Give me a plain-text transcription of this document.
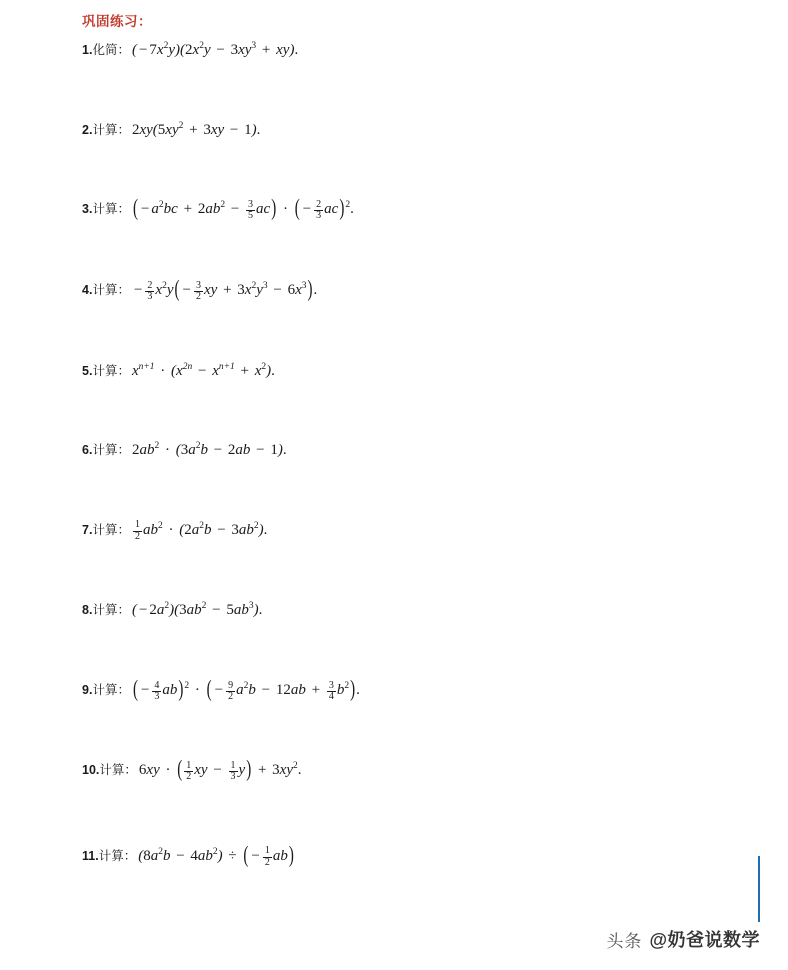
巩固练习：
1. 化简： ( − $7x^2y)(2x^2y - 3xy^3 + xy)$.
2. 计算： $2xy(5xy^2 + 3xy - 1)$.
3. 计算： ( − $a^2bc + 2ab^2 - \frac{3}{5} ac$) · ( − $\frac{2}{3} ac)^2$.
4. 计算： − $\frac{2}{3} x^2y( - \frac{3}{2}$ xy + $3x^2y^3 - 6x^3$).
5. 计算： $x^{n+1} \cdot (x^{2n} - x^{n+1} + x^2)$.
6. 计算： $2ab^2 \cdot (3a^2b - 2ab - 1)$.
7. 计算： $\frac{1}{2} ab^2 \cdot (2a^2b - 3ab^2)$.
8. 计算： ( − $2a^2)(3ab^2 - 5ab^3)$.
9. 计算： ( − $\frac{4}{3} ab)^2$ · ( − $\frac{9}{2} a^2b - 12ab + \frac{3}{4} b^2$).
10. 计算： 6xy · ( $\frac{1}{2}$ xy − $\frac{1}{3} y) + 3xy^2$.
11. 计算： $(8a^2b - 4ab^2)$ ÷ ( − $\frac{1}{2} ab$)
头条 @奶爸说数学
